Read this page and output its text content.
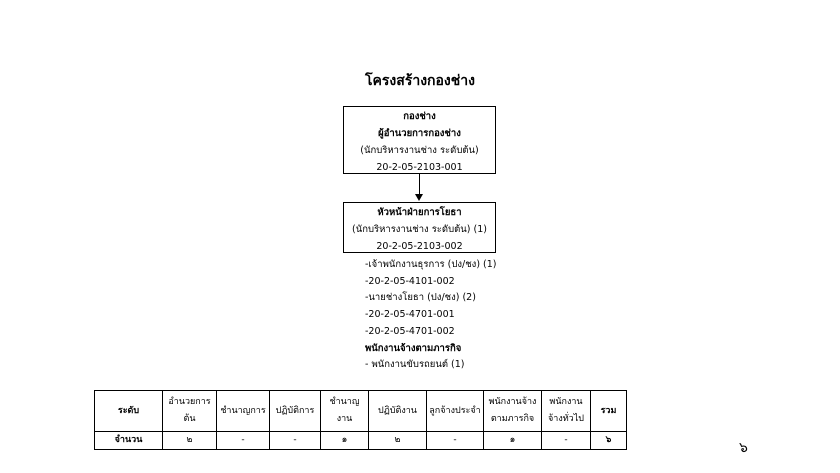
โครงสร้างกองช่าง
กองช่าง
ผู้อำนวยการกองช่าง
(นักบริหารงานช่าง ระดับต้น)
20-2-05-2103-001
หัวหน้าฝ่ายการโยธา
(นักบริหารงานช่าง ระดับต้น) (1)
20-2-05-2103-002
-เจ้าพนักงานธุรการ (ปง/ชง) (1)
-20-2-05-4101-002
-นายช่างโยธา (ปง/ชง) (2)
-20-2-05-4701-001
-20-2-05-4701-002
พนักงานจ้างตามภารกิจ
- พนักงานขับรถยนต์ (1)
ระดับ	อำนวยการต้น	ชำนาญการ	ปฏิบัติการ	ชำนาญงาน	ปฏิบัติงาน	ลูกจ้างประจำ	พนักงานจ้างตามภารกิจ	พนักงานจ้างทั่วไป	รวม
จำนวน	๒	-	-	๑	๒	-	๑	-	๖	๖
